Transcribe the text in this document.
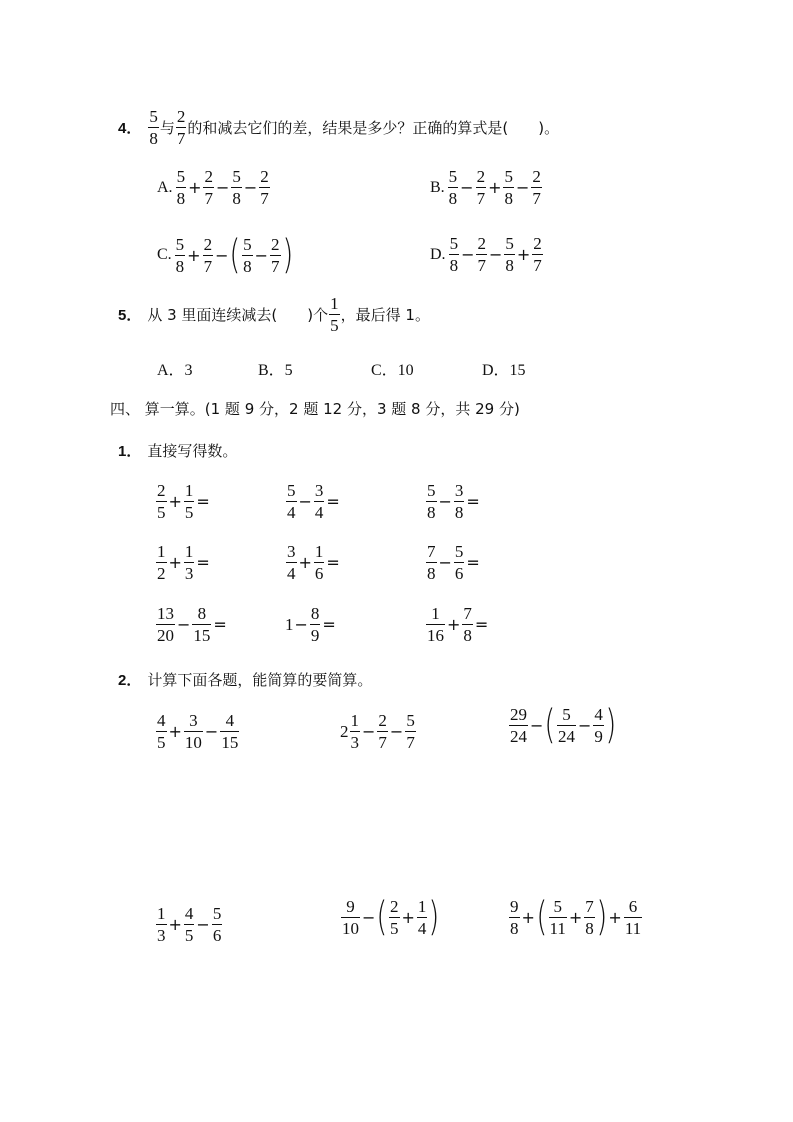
4． $\frac{5}{8}$ 与 $\frac{2}{7}$ 的和减去它们的差，结果是多少？正确的算式是( )。
A. $\frac{5}{8} + \frac{2}{7} - \frac{5}{8} - \frac{2}{7}$	B. $\frac{5}{8} - \frac{2}{7} + \frac{5}{8} - \frac{2}{7}$
C. $\frac{5}{8} + \frac{2}{7}$ − ( $\frac{5}{8} - \frac{2}{7}$ )	D. $\frac{5}{8} - \frac{2}{7} - \frac{5}{8} + \frac{2}{7}$
5． 从 3 里面连续减去( )个 $\frac{1}{5}$ ，最后得 1。
A．3	B．5	C．10	D．15
四、 算一算。(1 题 9 分，2 题 12 分，3 题 8 分，共 29 分)
1． 直接写得数。
$\frac{2}{5} + \frac{1}{5}$ =	$\frac{5}{4} - \frac{3}{4}$ =	$\frac{5}{8} - \frac{3}{8}$ =
$\frac{1}{2} + \frac{1}{3}$ =	$\frac{3}{4} + \frac{1}{6}$ =	$\frac{7}{8} - \frac{5}{6}$ =
$\frac{13}{20} - \frac{8}{15}$ =	$1 - \frac{8}{9}$ =	$\frac{1}{16} + \frac{7}{8}$ =
2． 计算下面各题，能简算的要简算。
$\frac{4}{5} + \frac{3}{10} - \frac{4}{15}$	$2 \frac{1}{3} - \frac{2}{7} - \frac{5}{7}$	$\frac{29}{24}$ − ( $\frac{5}{24} - \frac{4}{9}$ )
$\frac{1}{3} + \frac{4}{5} - \frac{5}{6}$	$\frac{9}{10}$ − ( $\frac{2}{5} + \frac{1}{4}$ )	$\frac{9}{8}$ + ( $\frac{5}{11} + \frac{7}{8}$ ) + $\frac{6}{11}$
